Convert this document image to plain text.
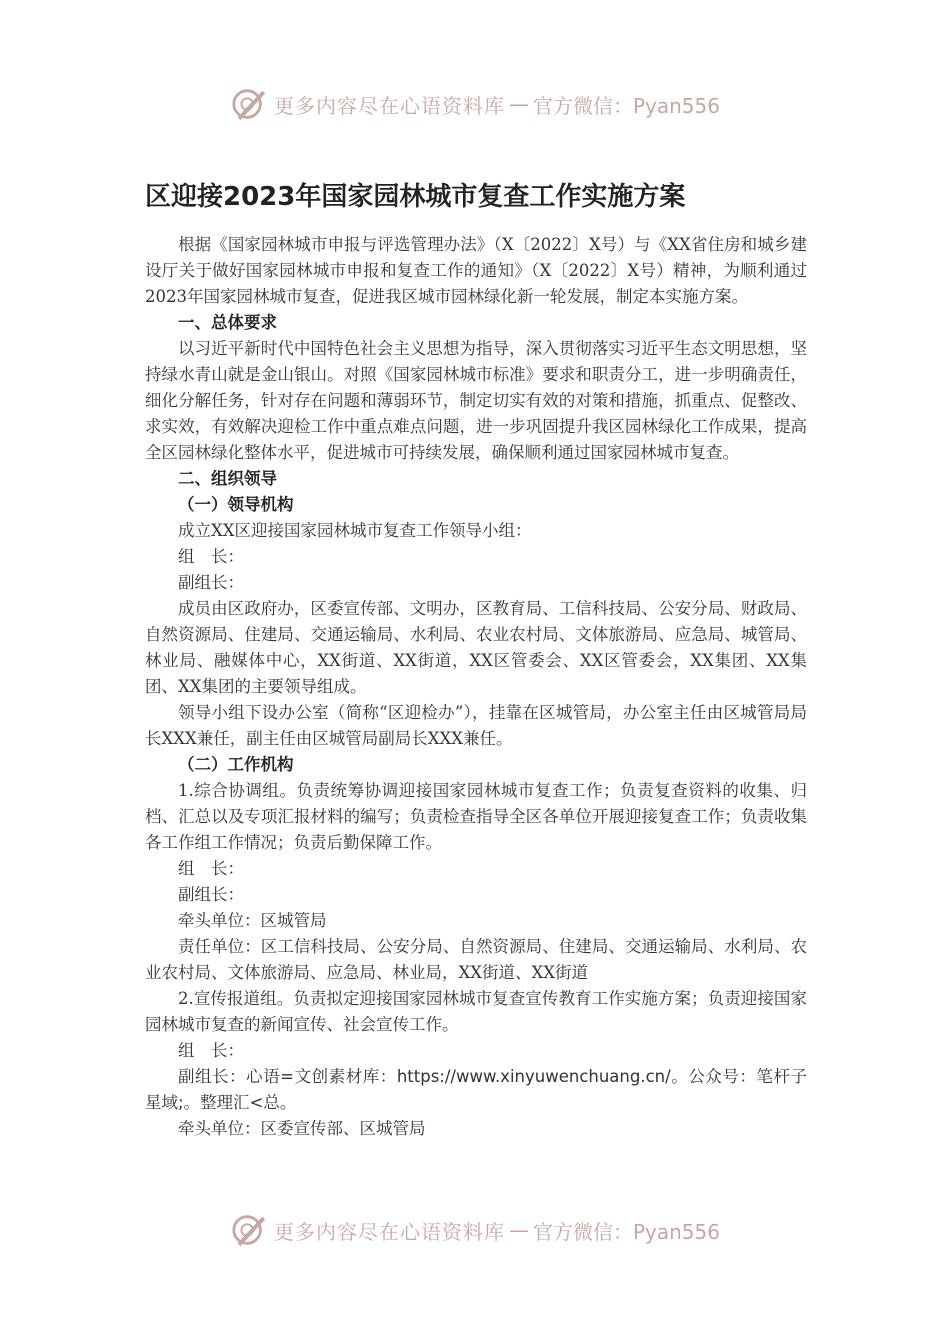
更多内容尽在心语资料库 — 官方微信：Pyan556
区迎接2023年国家园林城市复查工作实施方案

根据《国家园林城市申报与评选管理办法》（X〔2022〕X号）与《XX省住房和城乡建设厅关于做好国家园林城市申报和复查工作的通知》（X〔2022〕X号）精神，为顺利通过2023年国家园林城市复查，促进我区城市园林绿化新一轮发展，制定本实施方案。

一、总体要求

以习近平新时代中国特色社会主义思想为指导，深入贯彻落实习近平生态文明思想，坚持绿水青山就是金山银山。对照《国家园林城市标准》要求和职责分工，进一步明确责任，细化分解任务，针对存在问题和薄弱环节，制定切实有效的对策和措施，抓重点、促整改、求实效，有效解决迎检工作中重点难点问题，进一步巩固提升我区园林绿化工作成果，提高全区园林绿化整体水平，促进城市可持续发展，确保顺利通过国家园林城市复查。

二、组织领导

（一）领导机构

成立XX区迎接国家园林城市复查工作领导小组：

组　长：

副组长：

成员由区政府办，区委宣传部、文明办，区教育局、工信科技局、公安分局、财政局、自然资源局、住建局、交通运输局、水利局、农业农村局、文体旅游局、应急局、城管局、林业局、融媒体中心，XX街道、XX街道，XX区管委会、XX区管委会，XX集团、XX集团、XX集团的主要领导组成。

领导小组下设办公室（简称“区迎检办”），挂靠在区城管局，办公室主任由区城管局局长XXX兼任，副主任由区城管局副局长XXX兼任。

（二）工作机构

1.综合协调组。负责统筹协调迎接国家园林城市复查工作；负责复查资料的收集、归档、汇总以及专项汇报材料的编写；负责检查指导全区各单位开展迎接复查工作；负责收集各工作组工作情况；负责后勤保障工作。

组　长：

副组长：

牵头单位：区城管局

责任单位：区工信科技局、公安分局、自然资源局、住建局、交通运输局、水利局、农业农村局、文体旅游局、应急局、林业局，XX街道、XX街道

2.宣传报道组。负责拟定迎接国家园林城市复查宣传教育工作实施方案；负责迎接国家园林城市复查的新闻宣传、社会宣传工作。

组　长：

副组长：心语=文创素材库：https://www.xinyuwenchuang.cn/。公众号：笔杆子星域;。整理汇<总。

牵头单位：区委宣传部、区城管局

更多内容尽在心语资料库 — 官方微信：Pyan556
